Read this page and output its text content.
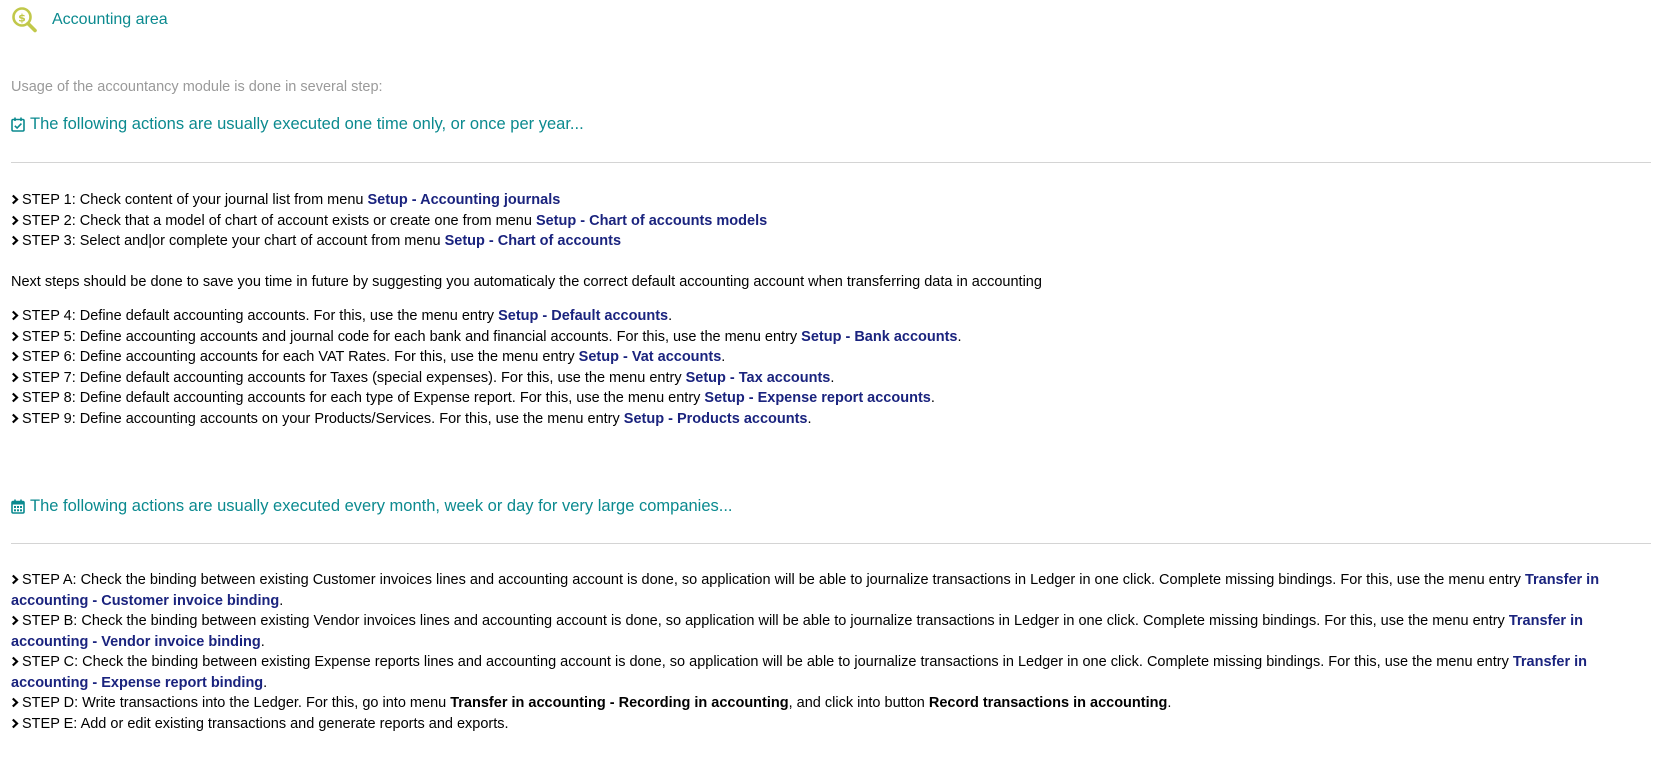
$ Accounting area
Usage of the accountancy module is done in several step:
The following actions are usually executed one time only, or once per year...
STEP 1: Check content of your journal list from menu Setup - Accounting journals
STEP 2: Check that a model of chart of account exists or create one from menu Setup - Chart of accounts models
STEP 3: Select and|or complete your chart of account from menu Setup - Chart of accounts
Next steps should be done to save you time in future by suggesting you automaticaly the correct default accounting account when transferring data in accounting
STEP 4: Define default accounting accounts. For this, use the menu entry Setup - Default accounts.
STEP 5: Define accounting accounts and journal code for each bank and financial accounts. For this, use the menu entry Setup - Bank accounts.
STEP 6: Define accounting accounts for each VAT Rates. For this, use the menu entry Setup - Vat accounts.
STEP 7: Define default accounting accounts for Taxes (special expenses). For this, use the menu entry Setup - Tax accounts.
STEP 8: Define default accounting accounts for each type of Expense report. For this, use the menu entry Setup - Expense report accounts.
STEP 9: Define accounting accounts on your Products/Services. For this, use the menu entry Setup - Products accounts.
The following actions are usually executed every month, week or day for very large companies...
STEP A: Check the binding between existing Customer invoices lines and accounting account is done, so application will be able to journalize transactions in Ledger in one click. Complete missing bindings. For this, use the menu entry Transfer in accounting - Customer invoice binding.
STEP B: Check the binding between existing Vendor invoices lines and accounting account is done, so application will be able to journalize transactions in Ledger in one click. Complete missing bindings. For this, use the menu entry Transfer in accounting - Vendor invoice binding.
STEP C: Check the binding between existing Expense reports lines and accounting account is done, so application will be able to journalize transactions in Ledger in one click. Complete missing bindings. For this, use the menu entry Transfer in accounting - Expense report binding.
STEP D: Write transactions into the Ledger. For this, go into menu Transfer in accounting - Recording in accounting, and click into button Record transactions in accounting.
STEP E: Add or edit existing transactions and generate reports and exports.
